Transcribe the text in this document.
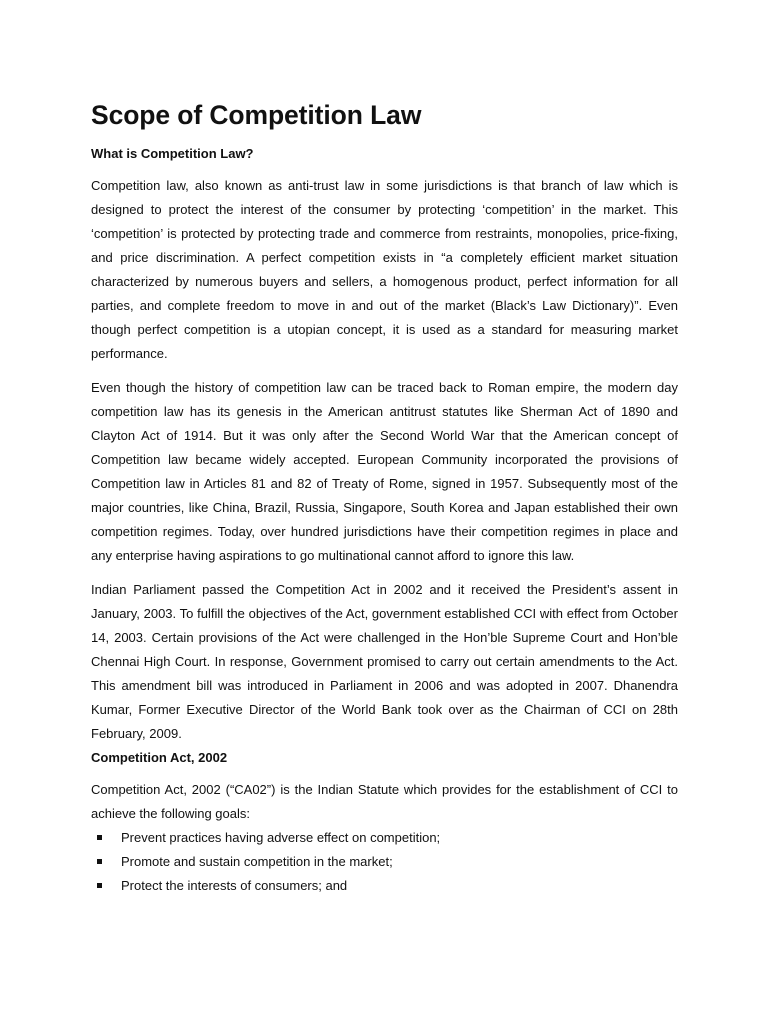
Scope of Competition Law
What is Competition Law?

Competition law, also known as anti-trust law in some jurisdictions is that branch of law which is designed to protect the interest of the consumer by protecting ‘competition’ in the market. This ‘competition’ is protected by protecting trade and commerce from restraints, monopolies, price-fixing, and price discrimination. A perfect competition exists in “a completely efficient market situation characterized by numerous buyers and sellers, a homogenous product, perfect information for all parties, and complete freedom to move in and out of the market (Black’s Law Dictionary)”. Even though perfect competition is a utopian concept, it is used as a standard for measuring market performance.

Even though the history of competition law can be traced back to Roman empire, the modern day competition law has its genesis in the American antitrust statutes like Sherman Act of 1890 and Clayton Act of 1914. But it was only after the Second World War that the American concept of Competition law became widely accepted. European Community incorporated the provisions of Competition law in Articles 81 and 82 of Treaty of Rome, signed in 1957. Subsequently most of the major countries, like China, Brazil, Russia, Singapore, South Korea and Japan established their own competition regimes. Today, over hundred jurisdictions have their competition regimes in place and any enterprise having aspirations to go multinational cannot afford to ignore this law.

Indian Parliament passed the Competition Act in 2002 and it received the President’s assent in January, 2003. To fulfill the objectives of the Act, government established CCI with effect from October 14, 2003. Certain provisions of the Act were challenged in the Hon’ble Supreme Court and Hon’ble Chennai High Court. In response, Government promised to carry out certain amendments to the Act. This amendment bill was introduced in Parliament in 2006 and was adopted in 2007. Dhanendra Kumar, Former Executive Director of the World Bank took over as the Chairman of CCI on 28th February, 2009.

Competition Act, 2002

Competition Act, 2002 (“CA02”) is the Indian Statute which provides for the establishment of CCI to achieve the following goals:

Prevent practices having adverse effect on competition;
Promote and sustain competition in the market;
Protect the interests of consumers; and
